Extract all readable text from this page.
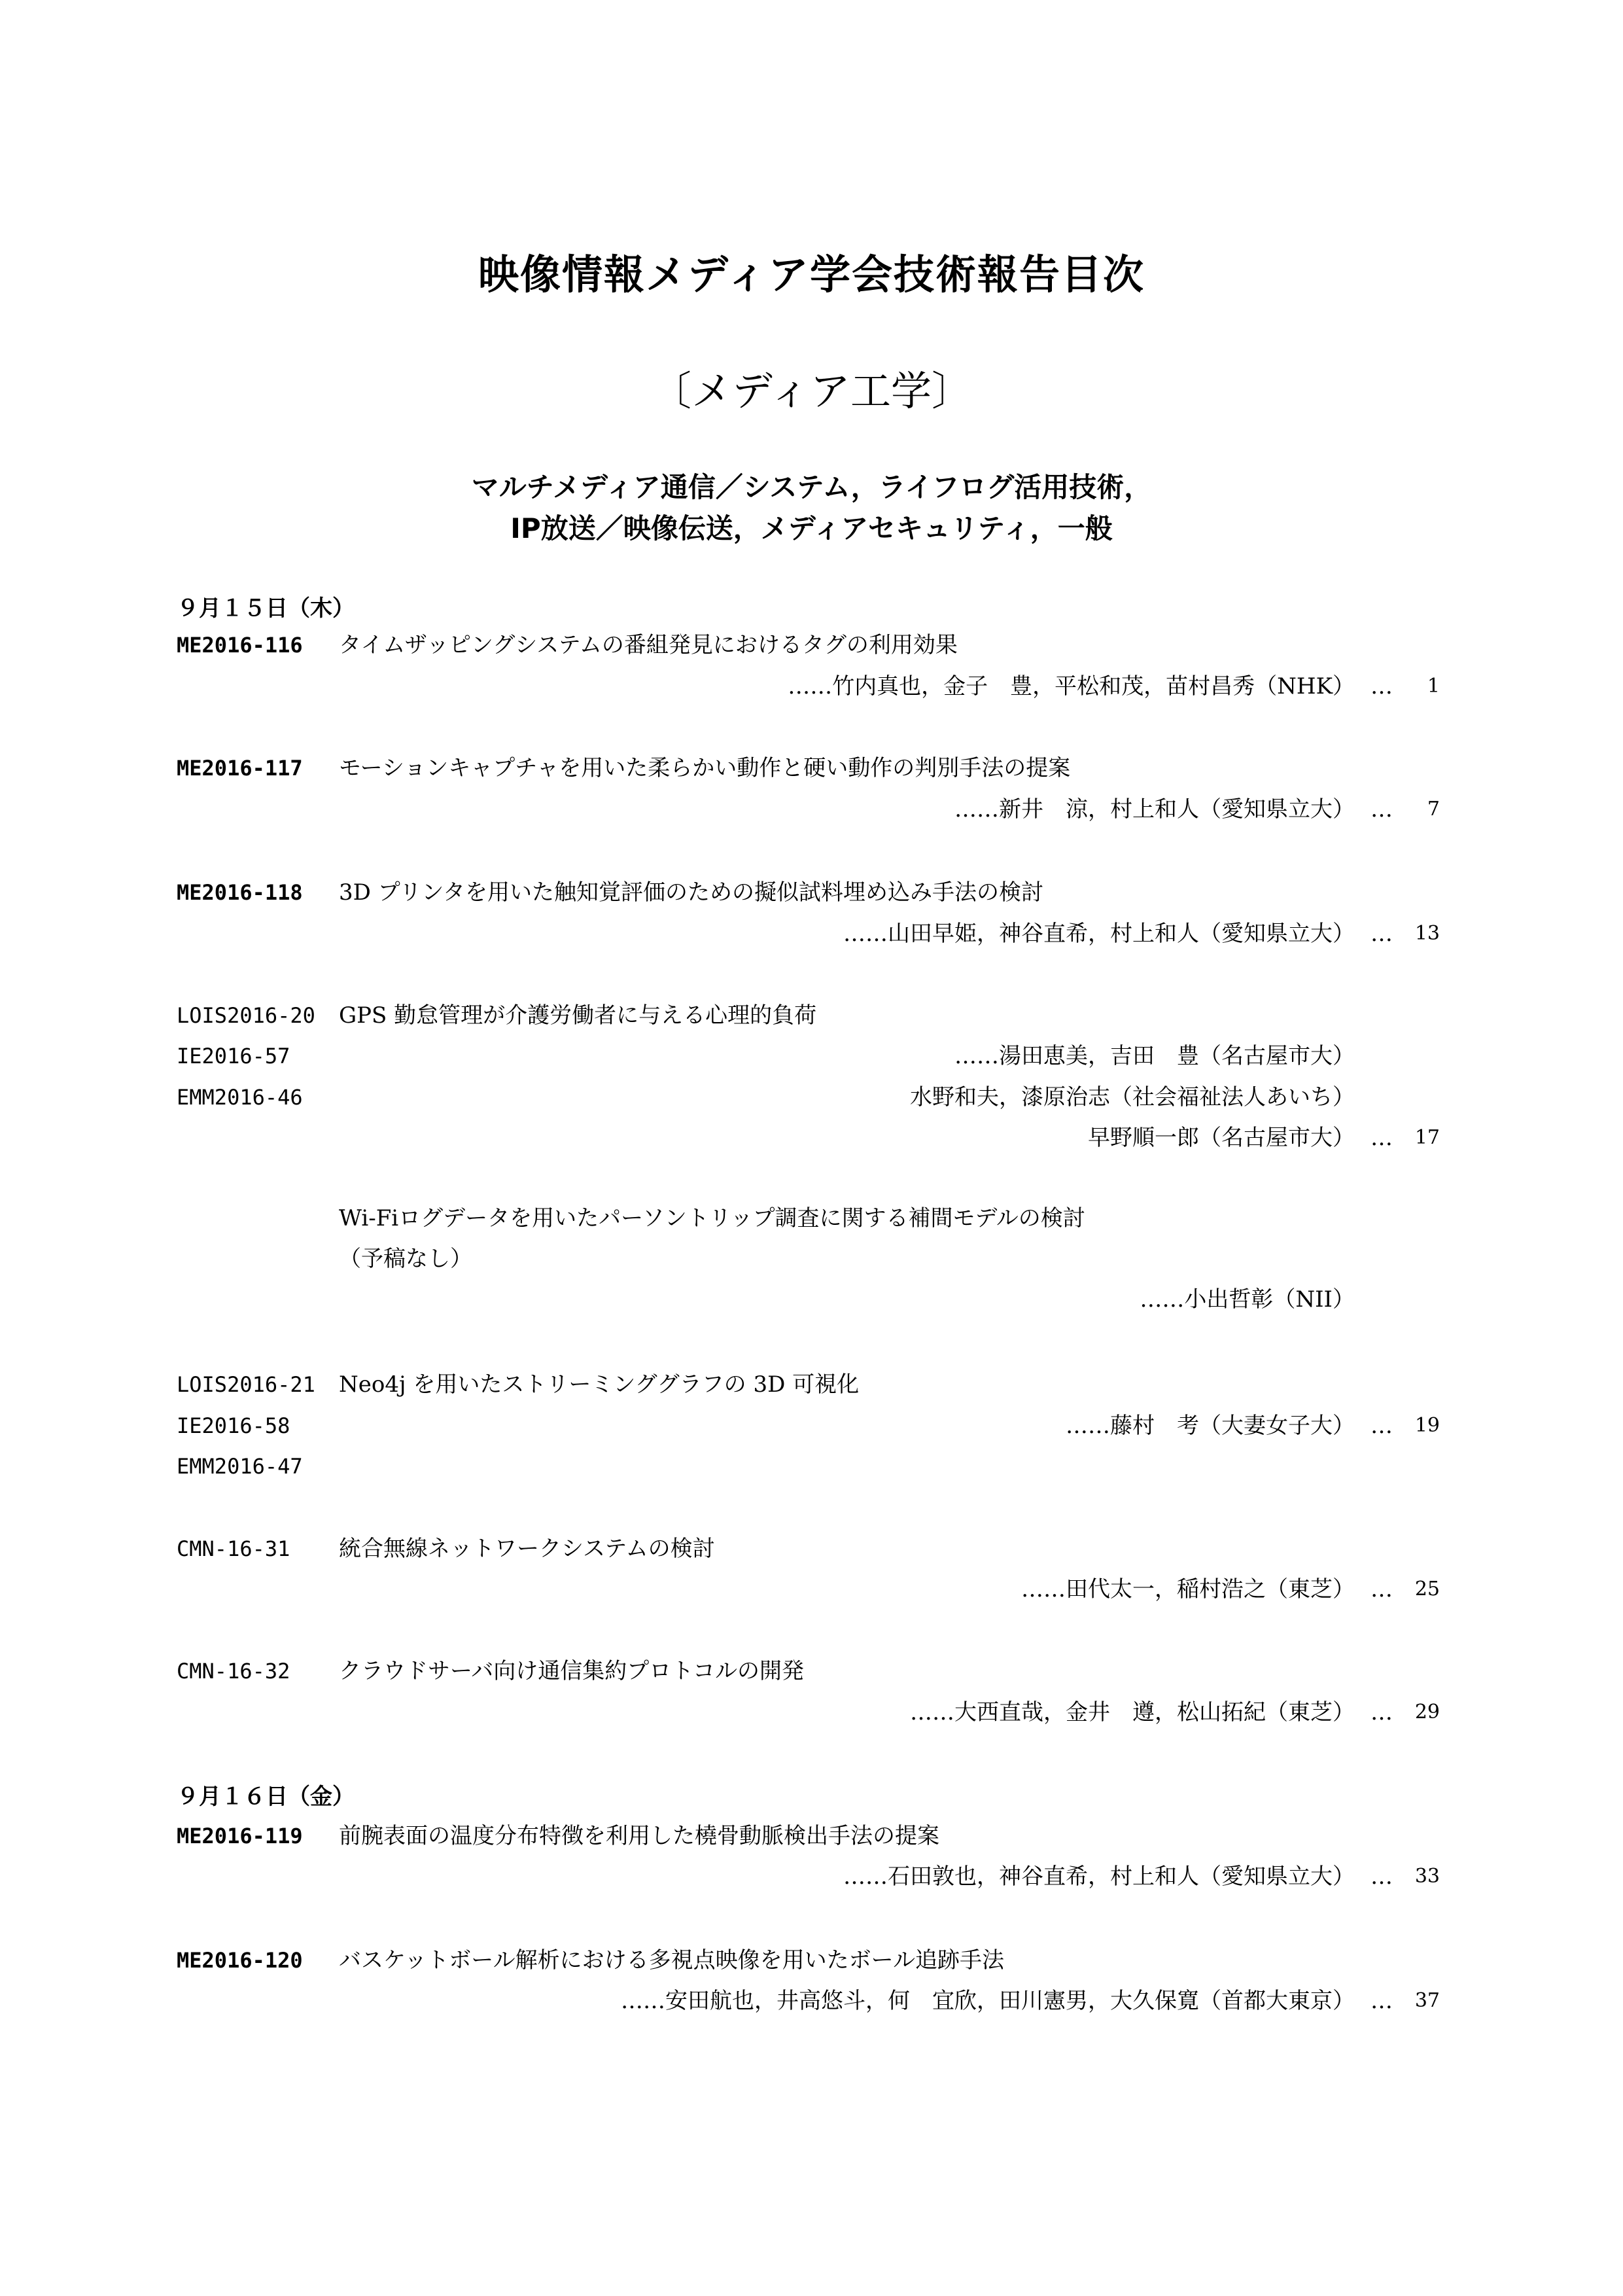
映像情報メディア学会技術報告目次
〔メディア工学〕
マルチメディア通信／システム，ライフログ活用技術，
IP放送／映像伝送，メディアセキュリティ，一般
９月１５日（木）
ME2016-116 タイムザッピングシステムの番組発見におけるタグの利用効果
……竹内真也，金子　豊，平松和茂，苗村昌秀（NHK） …	1
ME2016-117 モーションキャプチャを用いた柔らかい動作と硬い動作の判別手法の提案
……新井　涼，村上和人（愛知県立大） …	7
ME2016-118 3D プリンタを用いた触知覚評価のための擬似試料埋め込み手法の検討
……山田早姫，神谷直希，村上和人（愛知県立大） …	13
LOIS2016-20
IE2016-57
EMM2016-46
GPS 勤怠管理が介護労働者に与える心理的負荷
……湯田恵美，吉田　豊（名古屋市大）
水野和夫，漆原治志（社会福祉法人あいち）
早野順一郎（名古屋市大） …	17
Wi-Fiログデータを用いたパーソントリップ調査に関する補間モデルの検討
（予稿なし）
……小出哲彰（NII）
LOIS2016-21
IE2016-58
EMM2016-47
Neo4j を用いたストリーミンググラフの 3D 可視化
……藤村　考（大妻女子大） …	19
CMN-16-31 統合無線ネットワークシステムの検討
……田代太一，稲村浩之（東芝） …	25
CMN-16-32 クラウドサーバ向け通信集約プロトコルの開発
……大西直哉，金井　遵，松山拓紀（東芝） …	29
９月１６日（金）
ME2016-119 前腕表面の温度分布特徴を利用した橈骨動脈検出手法の提案
……石田敦也，神谷直希，村上和人（愛知県立大） …	33
ME2016-120 バスケットボール解析における多視点映像を用いたボール追跡手法
……安田航也，井高悠斗，何　宜欣，田川憲男，大久保寛（首都大東京） …	37
